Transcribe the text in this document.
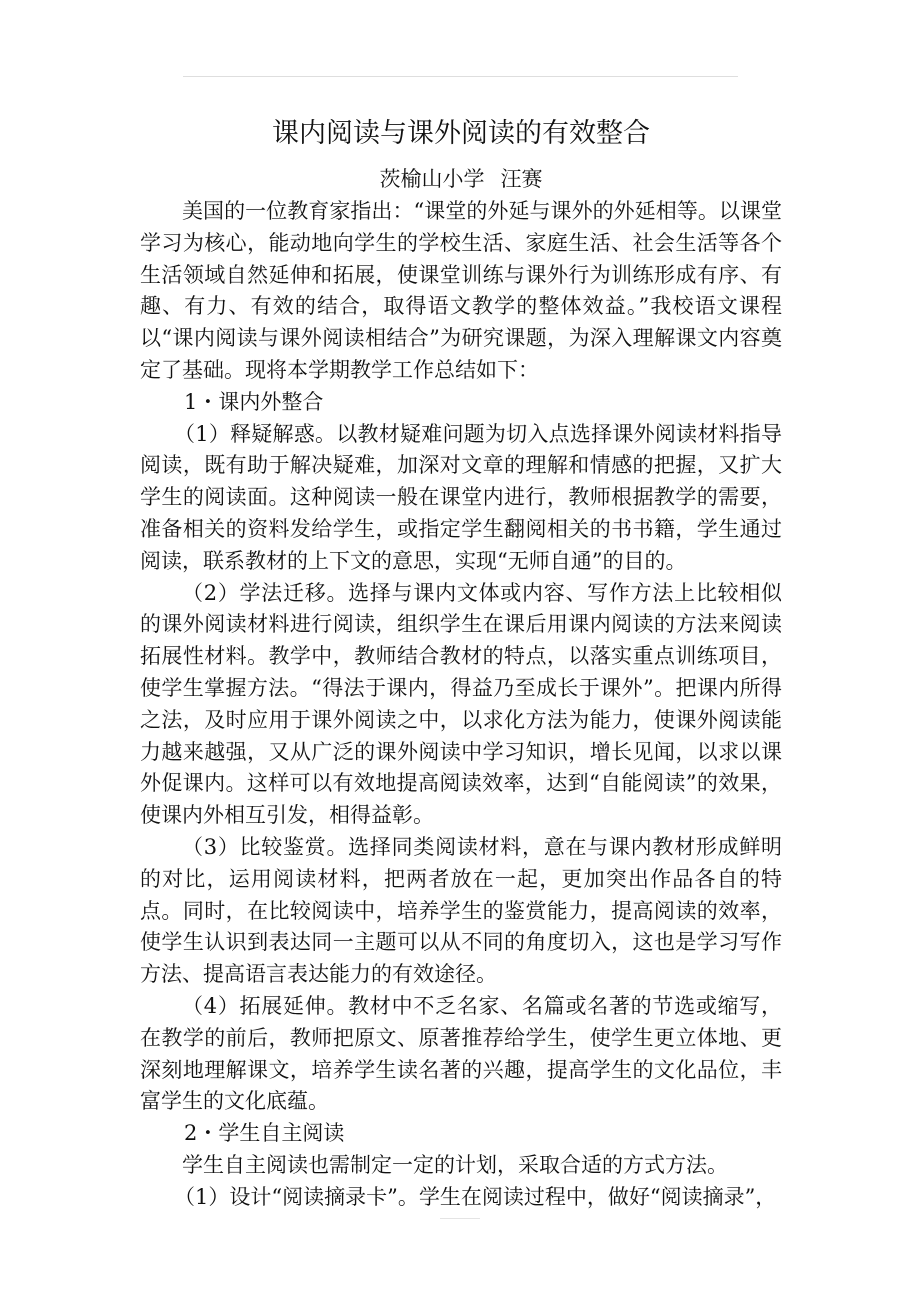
课内阅读与课外阅读的有效整合

茨榆山小学 汪赛

美国的一位教育家指出：“课堂的外延与课外的外延相等。以课堂学习为核心，能动地向学生的学校生活、家庭生活、社会生活等各个生活领域自然延伸和拓展，使课堂训练与课外行为训练形成有序、有趣、有力、有效的结合，取得语文教学的整体效益。”我校语文课程以“课内阅读与课外阅读相结合”为研究课题，为深入理解课文内容奠定了基础。现将本学期教学工作总结如下：

1・课内外整合

（1）释疑解惑。以教材疑难问题为切入点选择课外阅读材料指导阅读，既有助于解决疑难，加深对文章的理解和情感的把握，又扩大学生的阅读面。这种阅读一般在课堂内进行，教师根据教学的需要，准备相关的资料发给学生，或指定学生翻阅相关的书书籍，学生通过阅读，联系教材的上下文的意思，实现“无师自通”的目的。

（2）学法迁移。选择与课内文体或内容、写作方法上比较相似的课外阅读材料进行阅读，组织学生在课后用课内阅读的方法来阅读拓展性材料。教学中，教师结合教材的特点，以落实重点训练项目，使学生掌握方法。“得法于课内，得益乃至成长于课外”。把课内所得之法，及时应用于课外阅读之中，以求化方法为能力，使课外阅读能力越来越强，又从广泛的课外阅读中学习知识，增长见闻，以求以课外促课内。这样可以有效地提高阅读效率，达到“自能阅读”的效果，使课内外相互引发，相得益彰。

（3）比较鉴赏。选择同类阅读材料，意在与课内教材形成鲜明的对比，运用阅读材料，把两者放在一起，更加突出作品各自的特点。同时，在比较阅读中，培养学生的鉴赏能力，提高阅读的效率，使学生认识到表达同一主题可以从不同的角度切入，这也是学习写作方法、提高语言表达能力的有效途径。

（4）拓展延伸。教材中不乏名家、名篇或名著的节选或缩写，在教学的前后，教师把原文、原著推荐给学生，使学生更立体地、更深刻地理解课文，培养学生读名著的兴趣，提高学生的文化品位，丰富学生的文化底蕴。

2・学生自主阅读

学生自主阅读也需制定一定的计划，采取合适的方式方法。

（1）设计“阅读摘录卡”。学生在阅读过程中，做好“阅读摘录”，
